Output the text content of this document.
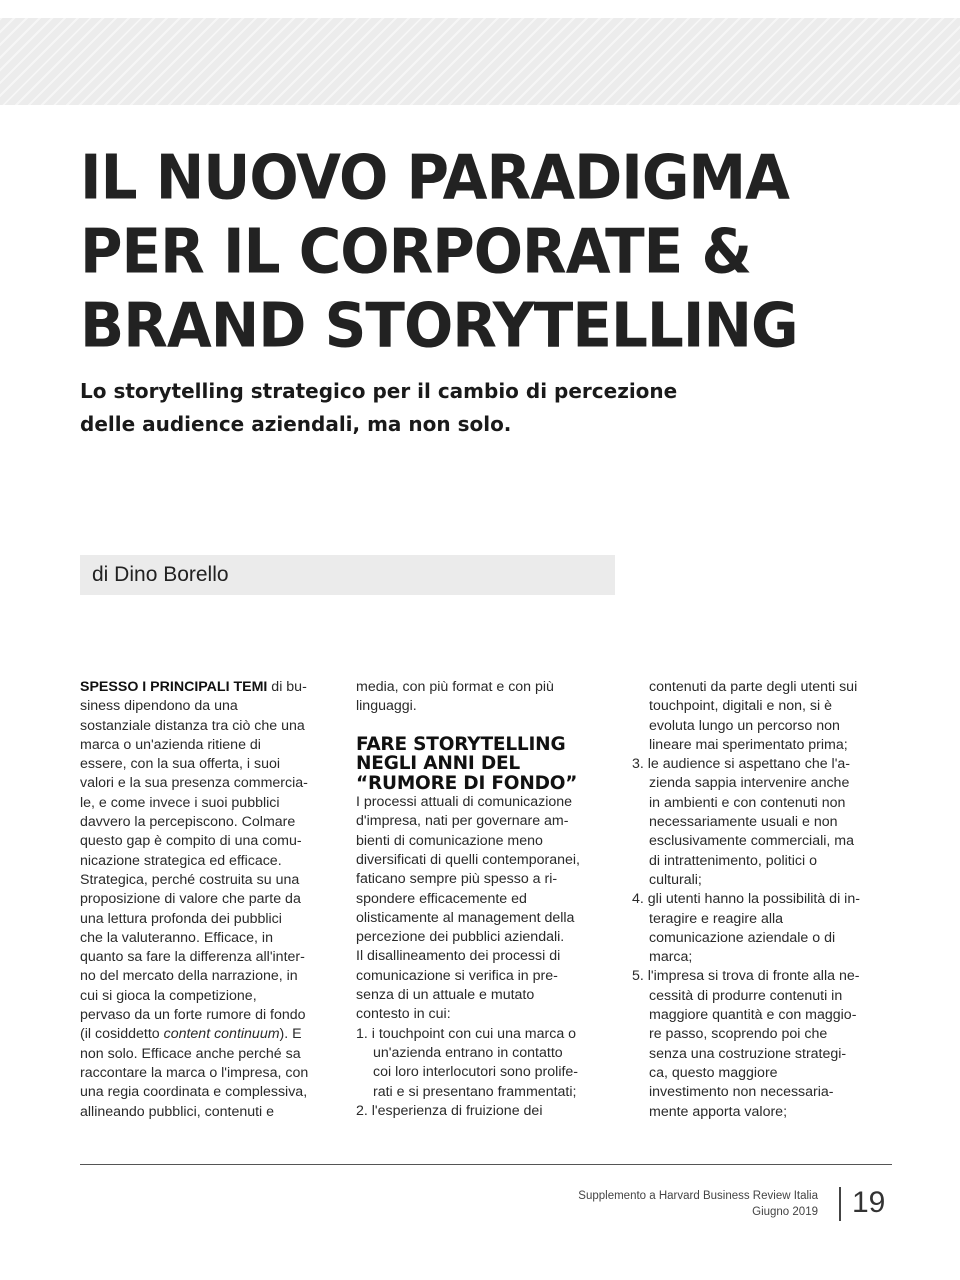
IL NUOVO PARADIGMA
PER IL CORPORATE &
BRAND STORYTELLING
Lo storytelling strategico per il cambio di percezione
delle audience aziendali, ma non solo.
di Dino Borello
SPESSO I PRINCIPALI TEMI di bu-
siness dipendono da una
sostanziale distanza tra ciò che una
marca o un'azienda ritiene di
essere, con la sua offerta, i suoi
valori e la sua presenza commercia-
le, e come invece i suoi pubblici
davvero la percepiscono. Colmare
questo gap è compito di una comu-
nicazione strategica ed efficace.
Strategica, perché costruita su una
proposizione di valore che parte da
una lettura profonda dei pubblici
che la valuteranno. Efficace, in
quanto sa fare la differenza all'inter-
no del mercato della narrazione, in
cui si gioca la competizione,
pervaso da un forte rumore di fondo
(il cosiddetto content continuum). E
non solo. Efficace anche perché sa
raccontare la marca o l'impresa, con
una regia coordinata e complessiva,
allineando pubblici, contenuti e
media, con più format e con più
linguaggi.
FARE STORYTELLING
NEGLI ANNI DEL
“RUMORE DI FONDO”
I processi attuali di comunicazione
d'impresa, nati per governare am-
bienti di comunicazione meno
diversificati di quelli contemporanei,
faticano sempre più spesso a ri-
spondere efficacemente ed
olisticamente al management della
percezione dei pubblici aziendali.
Il disallineamento dei processi di
comunicazione si verifica in pre-
senza di un attuale e mutato
contesto in cui:
1. i touchpoint con cui una marca o
un'azienda entrano in contatto
coi loro interlocutori sono prolife-
rati e si presentano frammentati;
2. l'esperienza di fruizione dei
contenuti da parte degli utenti sui
touchpoint, digitali e non, si è
evoluta lungo un percorso non
lineare mai sperimentato prima;
3. le audience si aspettano che l'a-
zienda sappia intervenire anche
in ambienti e con contenuti non
necessariamente usuali e non
esclusivamente commerciali, ma
di intrattenimento, politici o
culturali;
4. gli utenti hanno la possibilità di in-
teragire e reagire alla
comunicazione aziendale o di
marca;
5. l'impresa si trova di fronte alla ne-
cessità di produrre contenuti in
maggiore quantità e con maggio-
re passo, scoprendo poi che
senza una costruzione strategi-
ca, questo maggiore
investimento non necessaria-
mente apporta valore;
Supplemento a Harvard Business Review Italia
Giugno 2019 19
